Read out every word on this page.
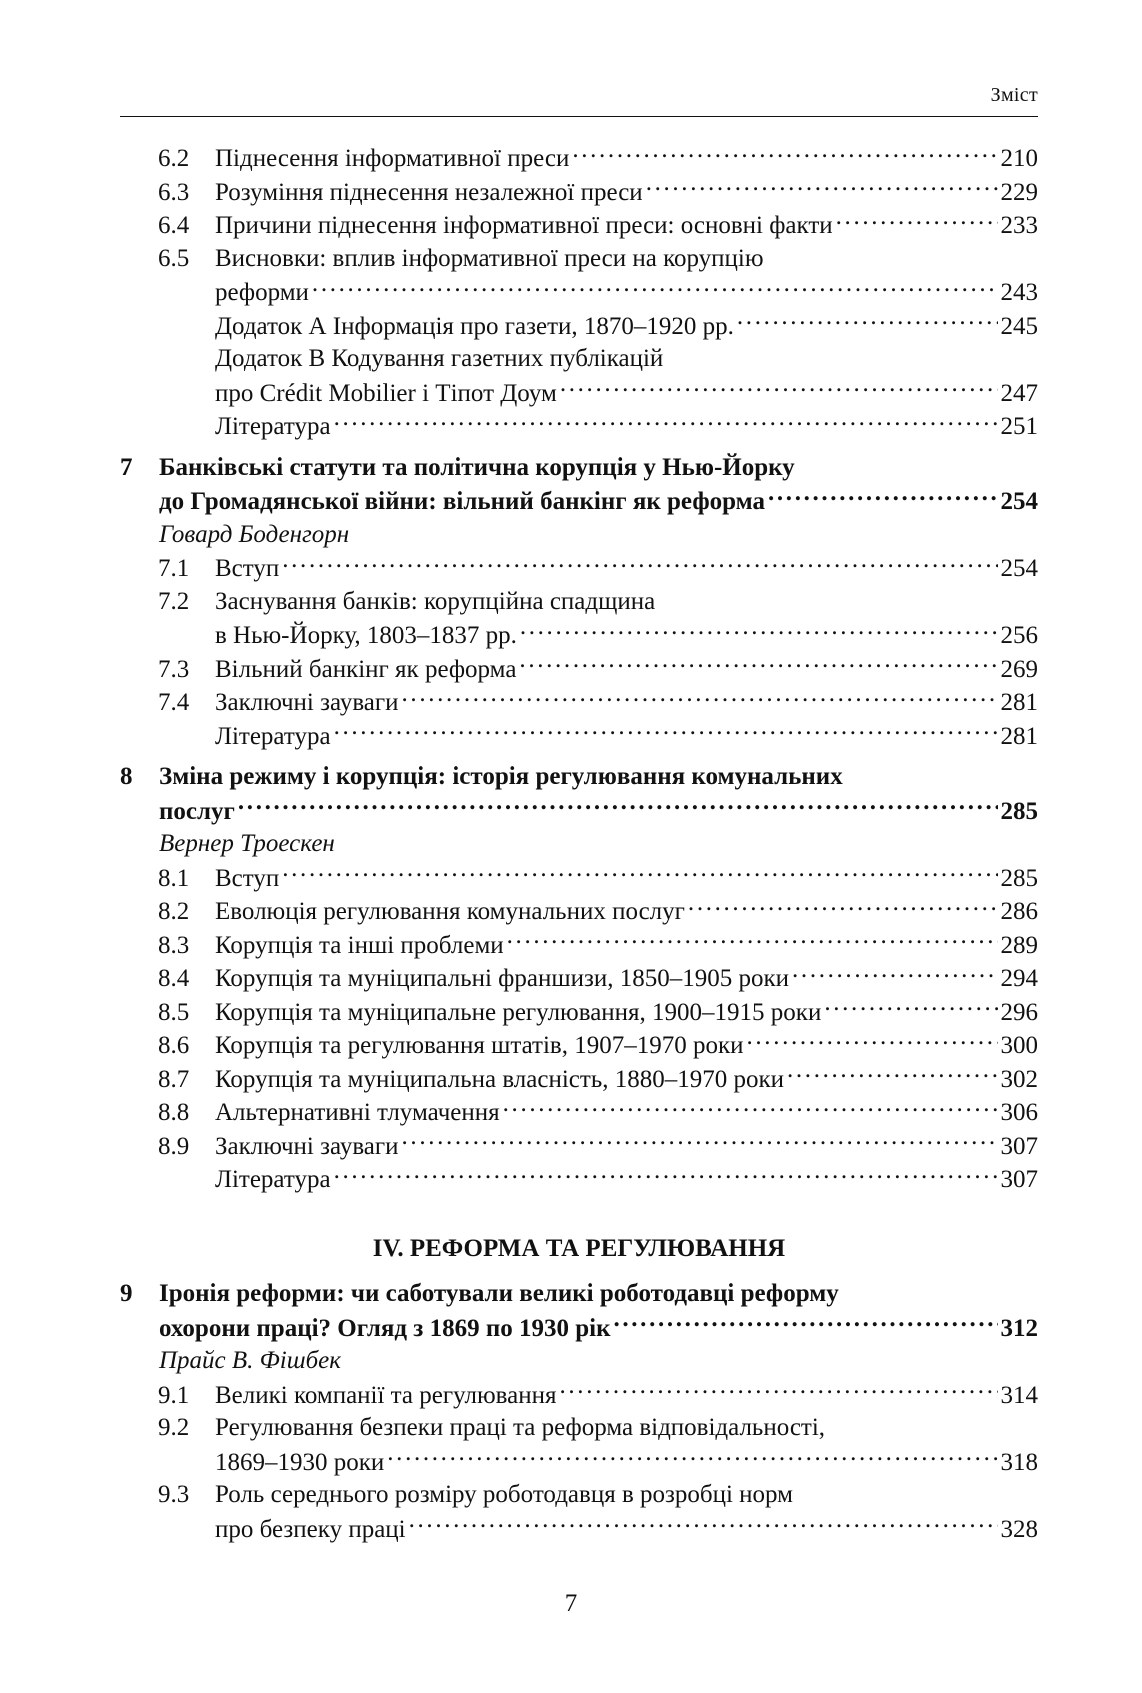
Зміст
6.2	Піднесення інформативної преси . . .	210
6.3	Розуміння піднесення незалежної преси . . .	229
6.4	Причини піднесення інформативної преси: основні факти . . .	233
6.5	Висновки: вплив інформативної преси на корупцію
реформи . . .	243
Додаток А Інформація про газети, 1870–1920 рр. . . .	245
Додаток В Кодування газетних публікацій
про Crédit Mobilier і Тіпот Доум . . .	247
Література . . .	251
7	Банківські статути та політична корупція у Нью-Йорку
до Громадянської війни: вільний банкінг як реформа . . .	254
Говард Боденгорн
7.1	Вступ . . .	254
7.2	Заснування банків: корупційна спадщина
в Нью-Йорку, 1803–1837 рр. . . .	256
7.3	Вільний банкінг як реформа . . .	269
7.4	Заключні зауваги . . .	281
Література . . .	281
8	Зміна режиму і корупція: історія регулювання комунальних
послуг . . .	285
Вернер Троескен
8.1	Вступ . . .	285
8.2	Еволюція регулювання комунальних послуг . . .	286
8.3	Корупція та інші проблеми . . .	289
8.4	Корупція та муніципальні франшизи, 1850–1905 роки . . .	294
8.5	Корупція та муніципальне регулювання, 1900–1915 роки . . .	296
8.6	Корупція та регулювання штатів, 1907–1970 роки . . .	300
8.7	Корупція та муніципальна власність, 1880–1970 роки . . .	302
8.8	Альтернативні тлумачення . . .	306
8.9	Заключні зауваги . . .	307
Література . . .	307
IV. РЕФОРМА ТА РЕГУЛЮВАННЯ
9	Іронія реформи: чи саботували великі роботодавці реформу
охорони праці? Огляд з 1869 по 1930 рік . . .	312
Прайс В. Фішбек
9.1	Великі компанії та регулювання . . .	314
9.2	Регулювання безпеки праці та реформа відповідальності,
1869–1930 роки . . .	318
9.3	Роль середнього розміру роботодавця в розробці норм
про безпеку праці . . .	328
7
